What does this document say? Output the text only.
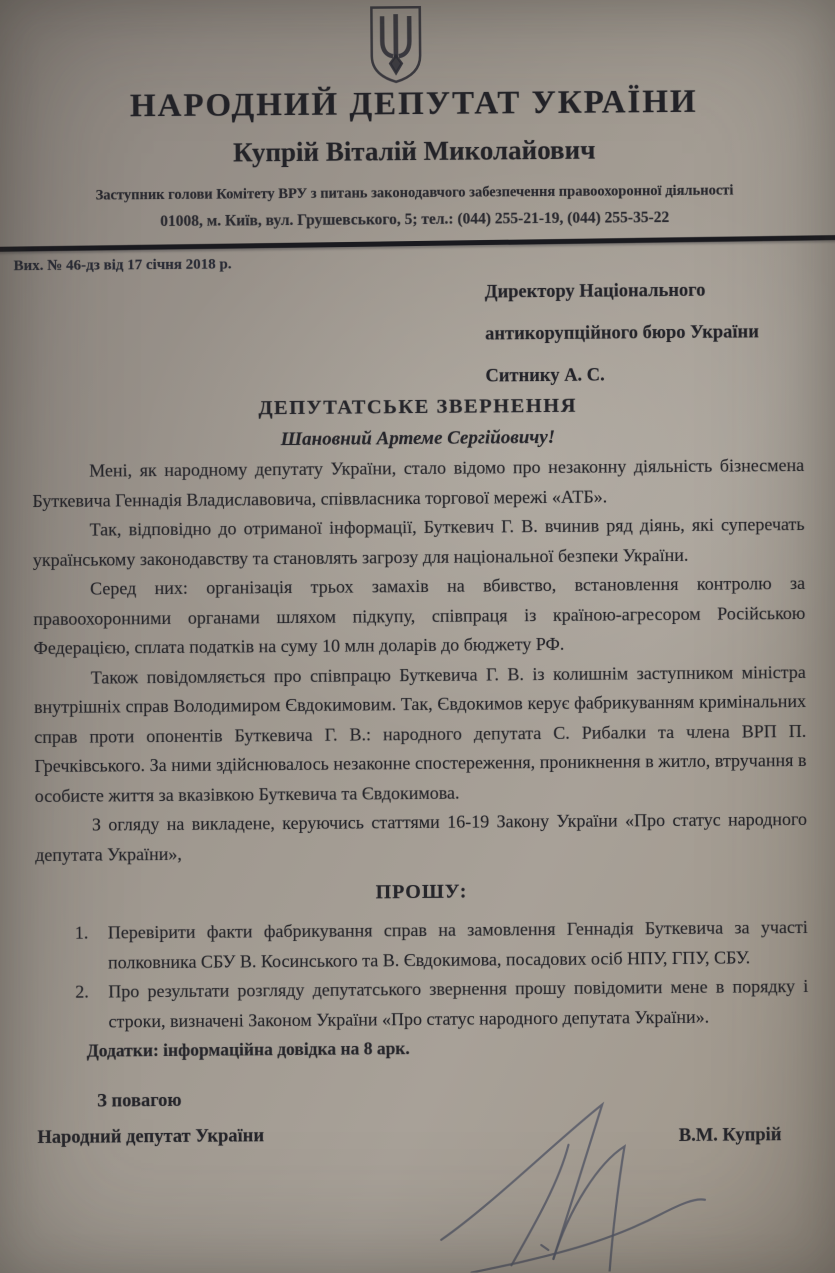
НАРОДНИЙ ДЕПУТАТ УКРАЇНИ
Купрій Віталій Миколайович
Заступник голови Комітету ВРУ з питань законодавчого забезпечення правоохоронної діяльності
01008, м. Київ, вул. Грушевського, 5; тел.: (044) 255-21-19, (044) 255-35-22
Вих. № 46-дз від 17 січня 2018 р.
Директору Національного
антикорупційного бюро України
Ситнику А. С.
ДЕПУТАТСЬКЕ ЗВЕРНЕННЯ
Шановний Артеме Сергійовичу!

Мені, як народному депутату України, стало відомо про незаконну діяльність бізнесмена Буткевича Геннадія Владиславовича, співвласника торгової мережі «АТБ».

Так, відповідно до отриманої інформації, Буткевич Г. В. вчинив ряд діянь, які суперечать українському законодавству та становлять загрозу для національної безпеки України.

Серед них: організація трьох замахів на вбивство, встановлення контролю за правоохоронними органами шляхом підкупу, співпраця із країною-агресором Російською Федерацією, сплата податків на суму 10 млн доларів до бюджету РФ.

Також повідомляється про співпрацю Буткевича Г. В. із колишнім заступником міністра внутрішніх справ Володимиром Євдокимовим. Так, Євдокимов керує фабрикуванням кримінальних справ проти опонентів Буткевича Г. В.: народного депутата С. Рибалки та члена ВРП П. Гречківського. За ними здійснювалось незаконне спостереження, проникнення в житло, втручання в особисте життя за вказівкою Буткевича та Євдокимова.

З огляду на викладене, керуючись статтями 16-19 Закону України «Про статус народного депутата України»,

ПРОШУ:
1. Перевірити факти фабрикування справ на замовлення Геннадія Буткевича за участі полковника СБУ В. Косинського та В. Євдокимова, посадових осіб НПУ, ГПУ, СБУ.
2. Про результати розгляду депутатського звернення прошу повідомити мене в порядку і строки, визначені Законом України «Про статус народного депутата України».
Додатки: інформаційна довідка на 8 арк.
З повагою
Народний депутат України	В.М. Купрій
